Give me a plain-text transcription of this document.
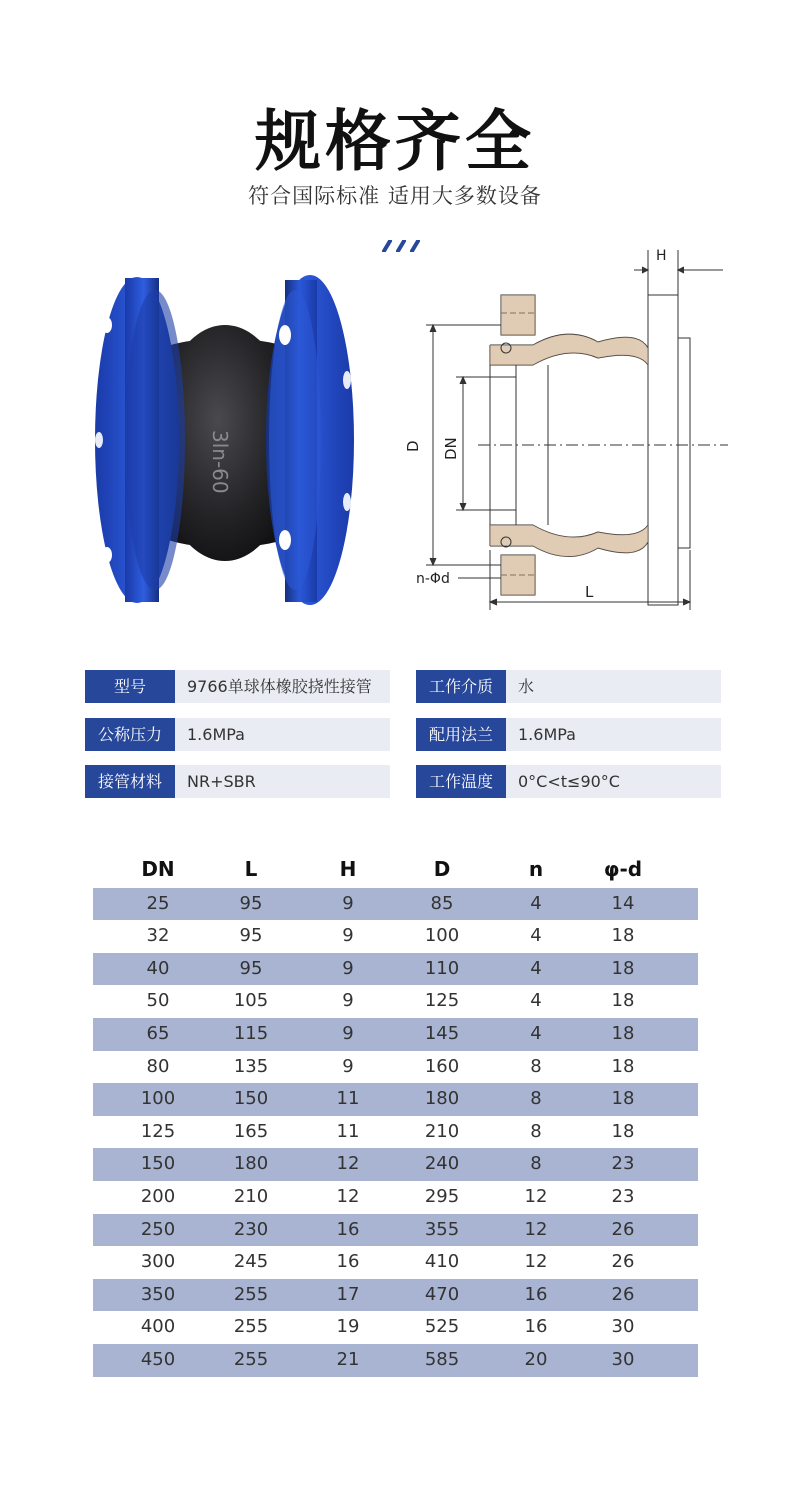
规格齐全
符合国际标准 适用大多数设备
3ln-60
H
D DN
L
n-Φd
型号	9766单球体橡胶挠性接管	工作介质	水
公称压力	1.6MPa	配用法兰	1.6MPa
接管材料	NR+SBR	工作温度	0°C<t≤90°C
DN	L	H	D	n	φ-d
25	95	9	85	4	14
32	95	9	100	4	18
40	95	9	110	4	18
50	105	9	125	4	18
65	115	9	145	4	18
80	135	9	160	8	18
100	150	11	180	8	18
125	165	11	210	8	18
150	180	12	240	8	23
200	210	12	295	12	23
250	230	16	355	12	26
300	245	16	410	12	26
350	255	17	470	16	26
400	255	19	525	16	30
450	255	21	585	20	30
